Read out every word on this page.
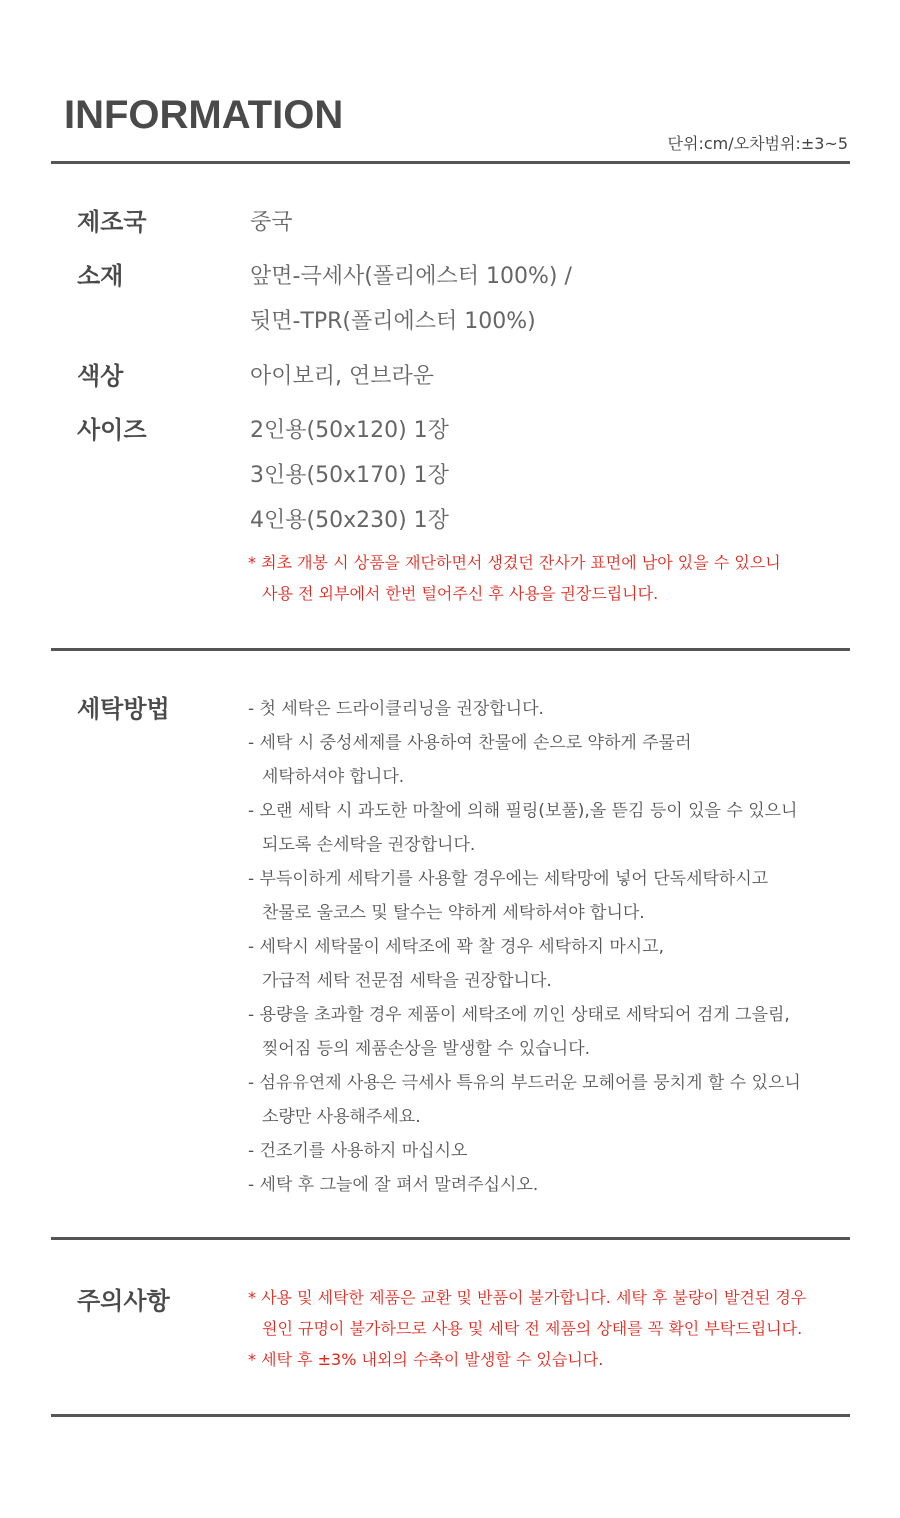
INFORMATION
단위:cm/오차범위:±3~5
제조국	중국
소재	앞면-극세사(폴리에스터 100%) /
뒷면-TPR(폴리에스터 100%)
색상	아이보리, 연브라운
사이즈	2인용(50x120) 1장
3인용(50x170) 1장
4인용(50x230) 1장
* 최초 개봉 시 상품을 재단하면서 생겼던 잔사가 표면에 남아 있을 수 있으니
사용 전 외부에서 한번 털어주신 후 사용을 권장드립니다.
세탁방법	- 첫 세탁은 드라이클리닝을 권장합니다.
- 세탁 시 중성세제를 사용하여 찬물에 손으로 약하게 주물러
세탁하셔야 합니다.
- 오랜 세탁 시 과도한 마찰에 의해 필링(보풀),올 뜯김 등이 있을 수 있으니
되도록 손세탁을 권장합니다.
- 부득이하게 세탁기를 사용할 경우에는 세탁망에 넣어 단독세탁하시고
찬물로 울코스 및 탈수는 약하게 세탁하셔야 합니다.
- 세탁시 세탁물이 세탁조에 꽉 찰 경우 세탁하지 마시고,
가급적 세탁 전문점 세탁을 권장합니다.
- 용량을 초과할 경우 제품이 세탁조에 끼인 상태로 세탁되어 검게 그을림,
찢어짐 등의 제품손상을 발생할 수 있습니다.
- 섬유유연제 사용은 극세사 특유의 부드러운 모헤어를 뭉치게 할 수 있으니
소량만 사용해주세요.
- 건조기를 사용하지 마십시오
- 세탁 후 그늘에 잘 펴서 말려주십시오.
주의사항	* 사용 및 세탁한 제품은 교환 및 반품이 불가합니다. 세탁 후 불량이 발견된 경우
원인 규명이 불가하므로 사용 및 세탁 전 제품의 상태를 꼭 확인 부탁드립니다.
* 세탁 후 ±3% 내외의 수축이 발생할 수 있습니다.
